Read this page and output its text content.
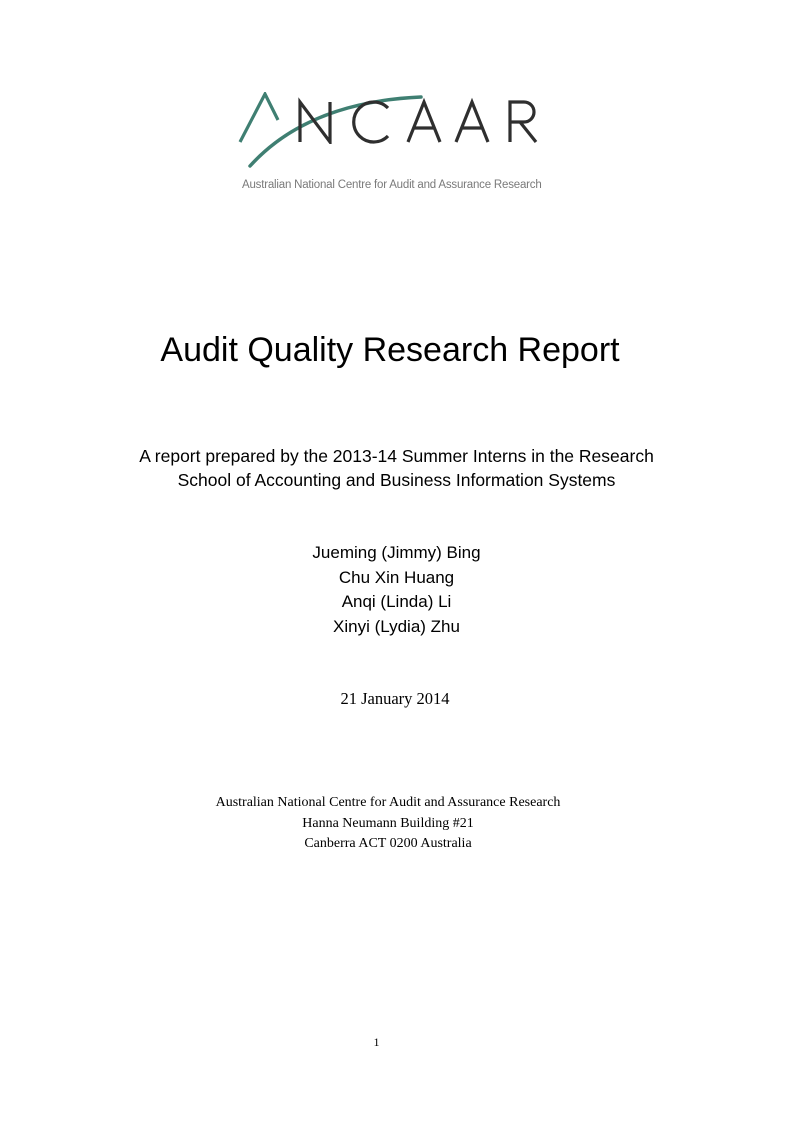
Australian National Centre for Audit and Assurance Research
Audit Quality Research Report
A report prepared by the 2013-14 Summer Interns in the Research
School of Accounting and Business Information Systems
Jueming (Jimmy) Bing
Chu Xin Huang
Anqi (Linda) Li
Xinyi (Lydia) Zhu
21 January 2014
Australian National Centre for Audit and Assurance Research
Hanna Neumann Building #21
Canberra ACT 0200 Australia
1
